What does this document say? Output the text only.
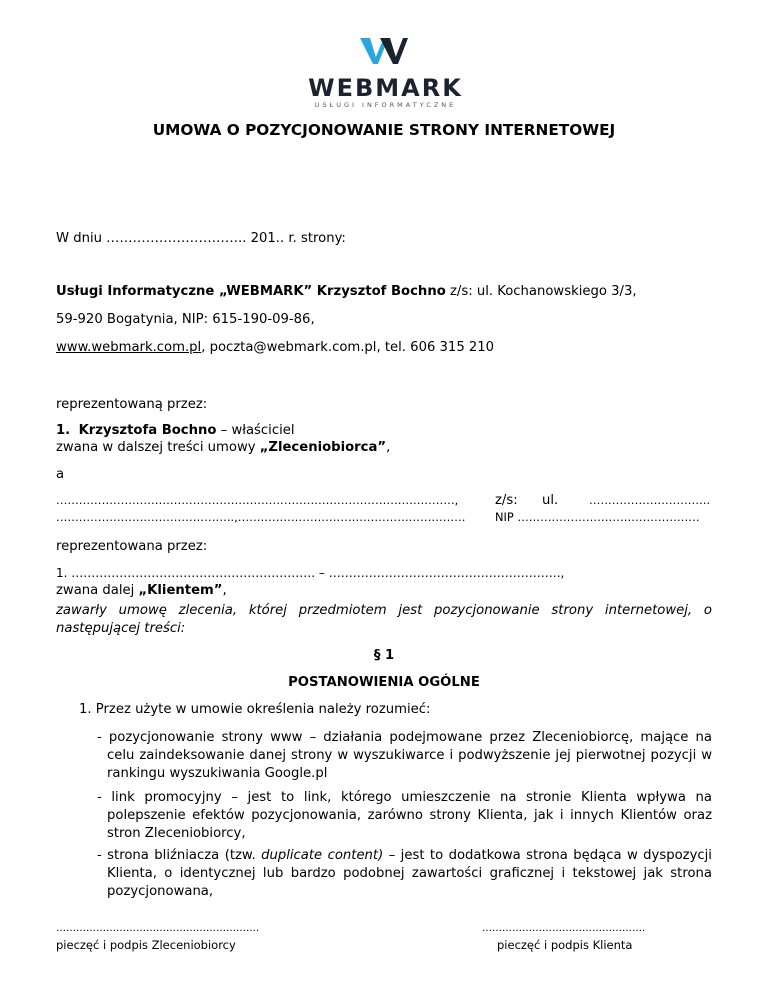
WEBMARK
USŁUGI INFORMATYCZNE
UMOWA O POZYCJONOWANIE STRONY INTERNETOWEJ
W dniu ………………………….. 201.. r. strony:
Usługi Informatyczne „WEBMARK” Krzysztof Bochno z/s: ul. Kochanowskiego 3/3,
59-920 Bogatynia, NIP: 615-190-09-86,
www.webmark.com.pl, poczta@webmark.com.pl, tel. 606 315 210
reprezentowaną przez:
1. Krzysztofa Bochno – właściciel
zwana w dalszej treści umowy „Zleceniobiorca”,
a
……………………………………………………………………………………………,
………………………………………..,……………………………………………………
z/s: ul.	…………………………..
NIP …………………………………………
reprezentowana przez:
1. ……………………………………………………. – ………………………………………………….,
zwana dalej „Klientem”,
zawarły umowę zlecenia, której przedmiotem jest pozycjonowanie strony internetowej, o następującej treści:
§ 1
POSTANOWIENIA OGÓLNE
1. Przez użyte w umowie określenia należy rozumieć:
- pozycjonowanie strony www – działania podejmowane przez Zleceniobiorcę, mające na celu zaindeksowanie danej strony w wyszukiwarce i podwyższenie jej pierwotnej pozycji w rankingu wyszukiwania Google.pl
- link promocyjny – jest to link, którego umieszczenie na stronie Klienta wpływa na polepszenie efektów pozycjonowania, zarówno strony Klienta, jak i innych Klientów oraz stron Zleceniobiorcy,
- strona bliźniacza (tzw. duplicate content) – jest to dodatkowa strona będąca w dyspozycji Klienta, o identycznej lub bardzo podobnej zawartości graficznej i tekstowej jak strona pozycjonowana,
…………………………………………………….
pieczęć i podpis Zleceniobiorcy
………………………………………….
pieczęć i podpis Klienta
